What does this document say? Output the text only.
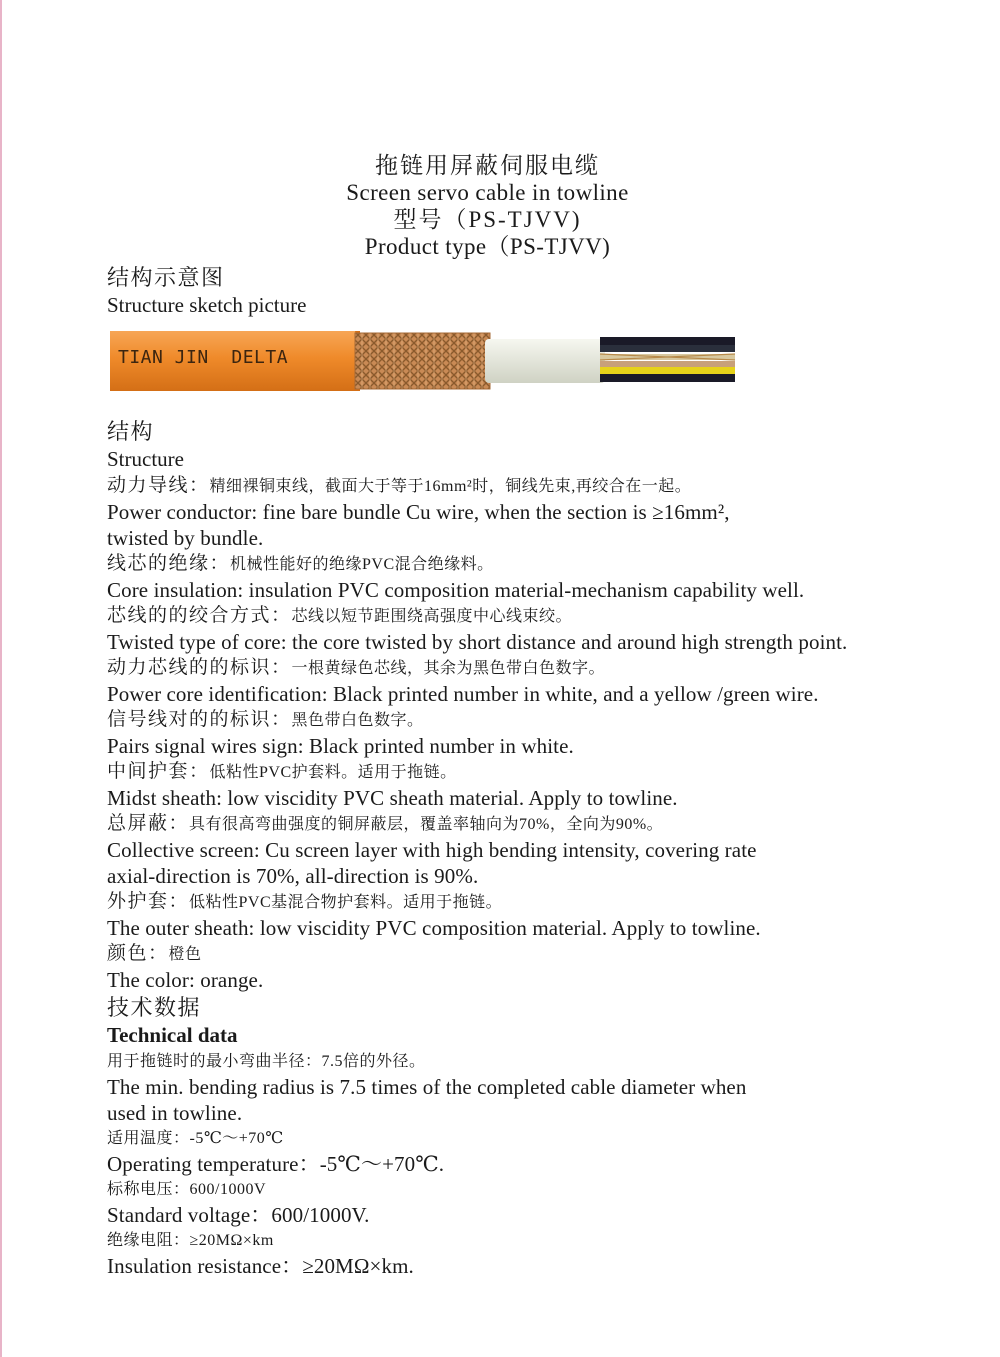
拖链用屏蔽伺服电缆
Screen servo cable in towline
型号（PS-TJVV)
Product type（PS-TJVV)
结构示意图
Structure sketch picture
TIAN JIN  DELTA
结构
Structure
动力导线：精细裸铜束线，截面大于等于16mm²时，铜线先束,再绞合在一起。
Power conductor: fine bare bundle Cu wire, when the section is ≥16mm²,
twisted by bundle.
线芯的绝缘：机械性能好的绝缘PVC混合绝缘料。
Core insulation: insulation PVC composition material-mechanism capability well.
芯线的的绞合方式：芯线以短节距围绕高强度中心线束绞。
Twisted type of core: the core twisted by short distance and around high strength point.
动力芯线的的标识：一根黄绿色芯线，其余为黑色带白色数字。
Power core identification: Black printed number in white, and a yellow /green wire.
信号线对的的标识：黑色带白色数字。
Pairs signal wires sign: Black printed number in white.
中间护套：低粘性PVC护套料。适用于拖链。
Midst sheath: low viscidity PVC sheath material. Apply to towline.
总屏蔽：具有很高弯曲强度的铜屏蔽层，覆盖率轴向为70%，全向为90%。
Collective screen: Cu screen layer with high bending intensity, covering rate
axial-direction is 70%, all-direction is 90%.
外护套：低粘性PVC基混合物护套料。适用于拖链。
The outer sheath: low viscidity PVC composition material. Apply to towline.
颜色：橙色
The color: orange.
技术数据
Technical data
用于拖链时的最小弯曲半径：7.5倍的外径。
The min. bending radius is 7.5 times of the completed cable diameter when
used in towline.
适用温度：-5℃～+70℃
Operating temperature：-5℃～+70℃.
标称电压：600/1000V
Standard voltage：600/1000V.
绝缘电阻：≥20MΩ×km
Insulation resistance：≥20MΩ×km.
